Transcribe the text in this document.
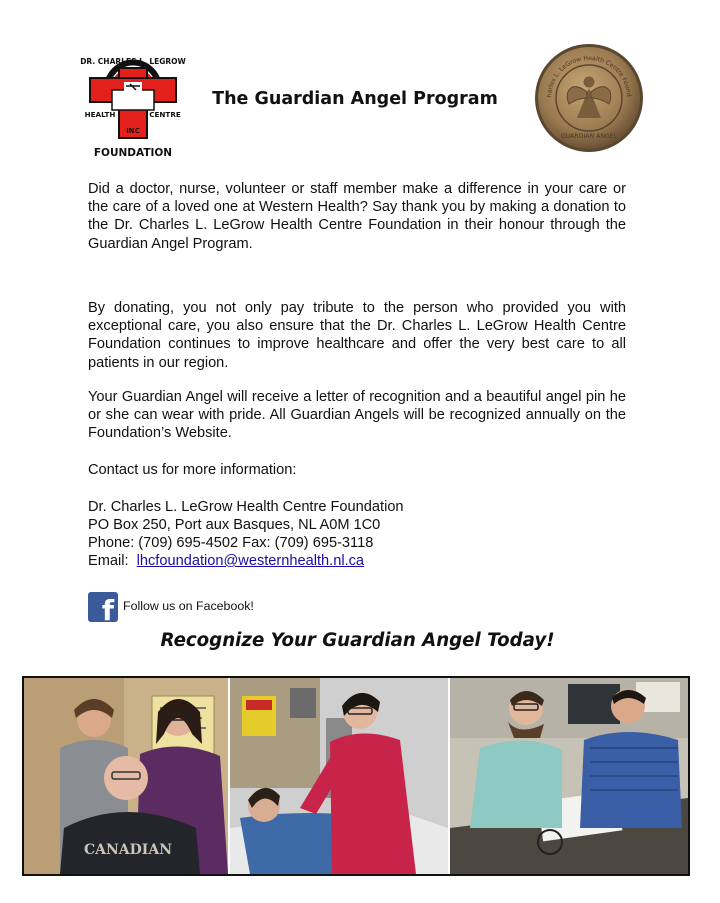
DR. CHARLES L. LEGROW
HEALTH	CENTRE
INC
FOUNDATION
The Guardian Angel Program	harles L. LeGrow Health Centre Found
GUARDIAN ANGEL

Did a doctor, nurse, volunteer or staff member make a difference in your care or the care of a loved one at Western Health? Say thank you by making a donation to the Dr. Charles L. LeGrow Health Centre Foundation in their honour through the Guardian Angel Program.

By donating, you not only pay tribute to the person who provided you with exceptional care, you also ensure that the Dr. Charles L. LeGrow Health Centre Foundation continues to improve healthcare and offer the very best care to all patients in our region.

Your Guardian Angel will receive a letter of recognition and a beautiful angel pin he or she can wear with pride. All Guardian Angels will be recognized annually on the Foundation’s Website.

Contact us for more information:
Dr. Charles L. LeGrow Health Centre Foundation
PO Box 250, Port aux Basques, NL A0M 1C0
Phone: (709) 695-4502 Fax: (709) 695-3118
Email: lhcfoundation@westernhealth.nl.ca
f Follow us on Facebook!
Recognize Your Guardian Angel Today!
CANADIAN
